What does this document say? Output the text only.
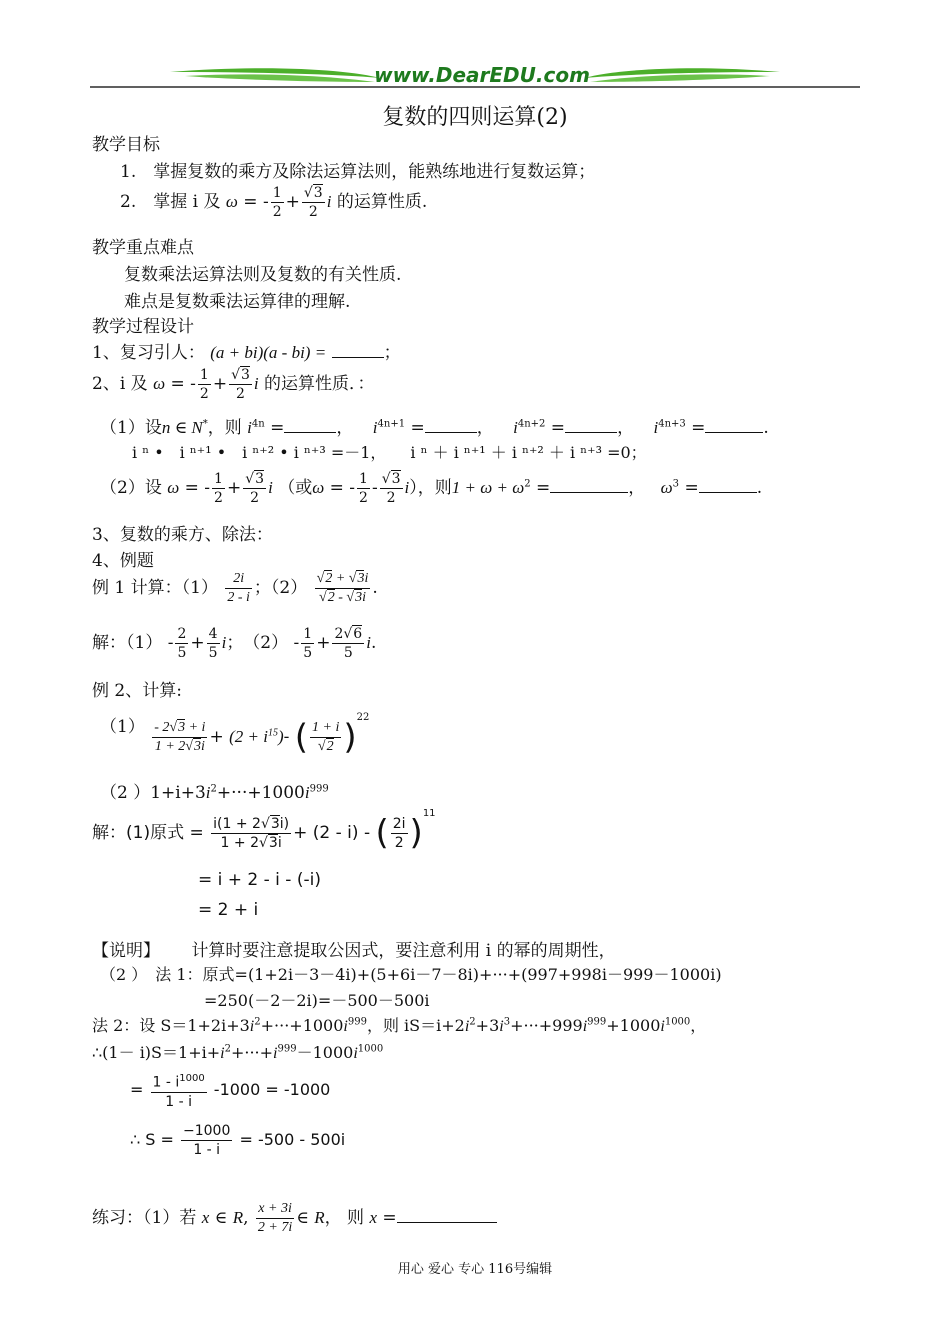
www.DearEDU.com
复数的四则运算(2)
教学目标
1.　掌握复数的乘方及除法运算法则，能熟练地进行复数运算；
2.　掌握 i 及 ω = - $\frac{1}{2} + \frac{√3}{2}$ i 的运算性质.
教学重点难点
复数乘法运算法则及复数的有关性质.
难点是复数乘法运算律的理解.
教学过程设计
1、复习引人： (a + bi)(a - bi) =	；
2、i 及 ω = - $\frac{1}{2} + \frac{√3}{2}$ i 的运算性质．：
（1）设n ∈ N*，则 $i^{4n}$ =	， $i^{4n+1}$ =	， $i^{4n+2}$ =	， $i^{4n+3}$ =	.
i ⁿ •　i ⁿ⁺¹ •　i ⁿ⁺² • i ⁿ⁺³ =－1，　　i ⁿ ＋ i ⁿ⁺¹ ＋ i ⁿ⁺² ＋ i ⁿ⁺³ =0；
（2）设 ω = - $\frac{1}{2} + \frac{√3}{2}$ i （或ω = - $\frac{1}{2} - \frac{√3}{2} i$），则$1 + \omega + \omega^2$ =	， $\omega^3$ =	.
3、复数的乘方、除法：
4、例题
例 1 计算：$(1) \frac{2i}{2 - i}$ ；$(2) \frac{√2 + √3i}{√2 - √3i}$ .
解：$(1) - \frac{2}{5} + \frac{4}{5}$ i；　$(2) - \frac{1}{5} + \frac{2√6}{5} i$.
例 2、计算:
$(1) \frac{- 2√3 + i}{1 + 2√3i} + (2 + i^{15})-$ ( $\frac{1 + i}{√2} )^{22}$
（2 ）$1+i+3i^2+\cdot\cdot\cdot+1000i^{999}$
解：(1)原式 = $\frac{i(1 + 2√3i)}{1 + 2√3i} + (2 - i)$ - ( $\frac{2i}{2} )^{11}$
= i + 2 - i - (-i)
= 2 + i
【说明】 计算时要注意提取公因式，要注意利用 i 的幂的周期性，
（2 ）　法 1：原式=(1+2i－3－4i)+(5+6i－7－8i)+···+(997+998i－999－1000i)
=250(－2－2i)=－500－500i
法 2：设 $S=1+2i+3i^2+\cdot\cdot\cdot+1000i^{999}$，则 $iS=i+2i^2+3i^3+\cdot\cdot\cdot+999i^{999}+1000i^{1000}$，
∴(1－ $i)S=1+i+i^2+\cdot\cdot\cdot+i^{999}-1000i^{1000}$
= $\frac{1 - i^{1000}}{1 - i} -1000 = -1000$
∴ $S = \frac{-1000}{1 - i} = -500 - 500i$
练习：（1）若 x ∈ R, $\frac{x + 3i}{2 + 7i}$ ∈ R， 则 x =
用心 爱心 专心 116号编辑
